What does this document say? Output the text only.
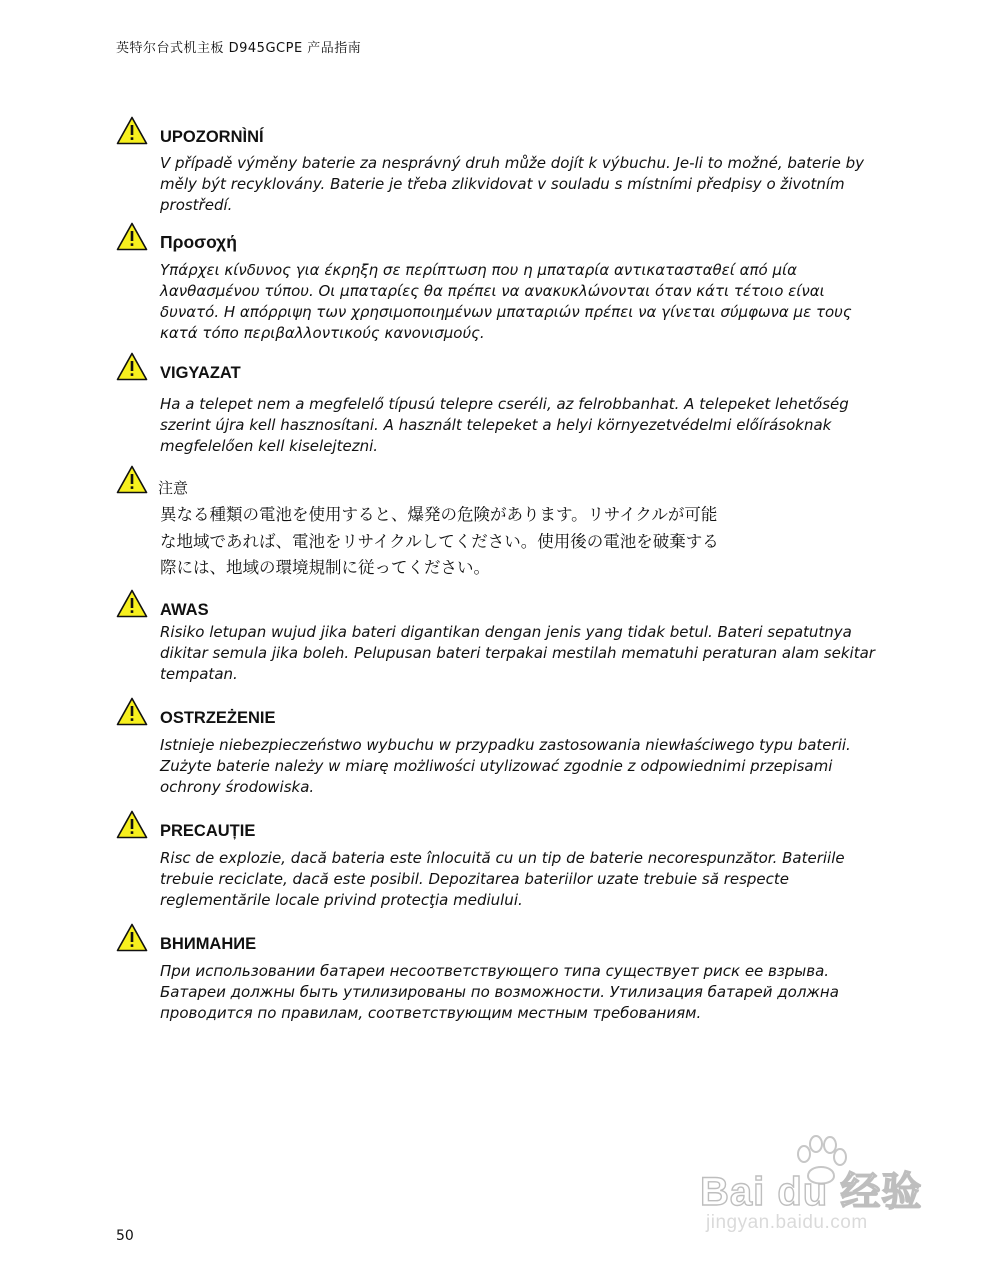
英特尔台式机主板 D945GCPE 产品指南
UPOZORNÌNÍ
V případě výměny baterie za nesprávný druh může dojít k výbuchu. Je-li to možné, baterie by měly být recyklovány. Baterie je třeba zlikvidovat v souladu s místními předpisy o životním prostředí.
Προσοχή
Υπάρχει κίνδυνος για έκρηξη σε περίπτωση που η μπαταρία αντικατασταθεί από μία λανθασμένου τύπου. Οι μπαταρίες θα πρέπει να ανακυκλώνονται όταν κάτι τέτοιο είναι δυνατό. Η απόρριψη των χρησιμοποιημένων μπαταριών πρέπει να γίνεται σύμφωνα με τους κατά τόπο περιβαλλοντικούς κανονισμούς.
VIGYAZAT
Ha a telepet nem a megfelelő típusú telepre cseréli, az felrobbanhat. A telepeket lehetőség szerint újra kell hasznosítani. A használt telepeket a helyi környezetvédelmi előírásoknak megfelelően kell kiselejtezni.
注意
異なる種類の電池を使用すると、爆発の危険があります。リサイクルが可能な地域であれば、電池をリサイクルしてください。使用後の電池を破棄する際には、地域の環境規制に従ってください。
AWAS
Risiko letupan wujud jika bateri digantikan dengan jenis yang tidak betul. Bateri sepatutnya dikitar semula jika boleh. Pelupusan bateri terpakai mestilah mematuhi peraturan alam sekitar tempatan.
OSTRZEŻENIE
Istnieje niebezpieczeństwo wybuchu w przypadku zastosowania niewłaściwego typu baterii. Zużyte baterie należy w miarę możliwości utylizować zgodnie z odpowiednimi przepisami ochrony środowiska.
PRECAUȚIE
Risc de explozie, dacă bateria este înlocuită cu un tip de baterie necorespunzător. Bateriile trebuie reciclate, dacă este posibil. Depozitarea bateriilor uzate trebuie să respecte reglementările locale privind protecţia mediului.
ВНИМАНИЕ
При использовании батареи несоответствующего типа существует риск ее взрыва. Батареи должны быть утилизированы по возможности. Утилизация батарей должна проводится по правилам, соответствующим местным требованиям.
Bai du 经验
jingyan.baidu.com
50
